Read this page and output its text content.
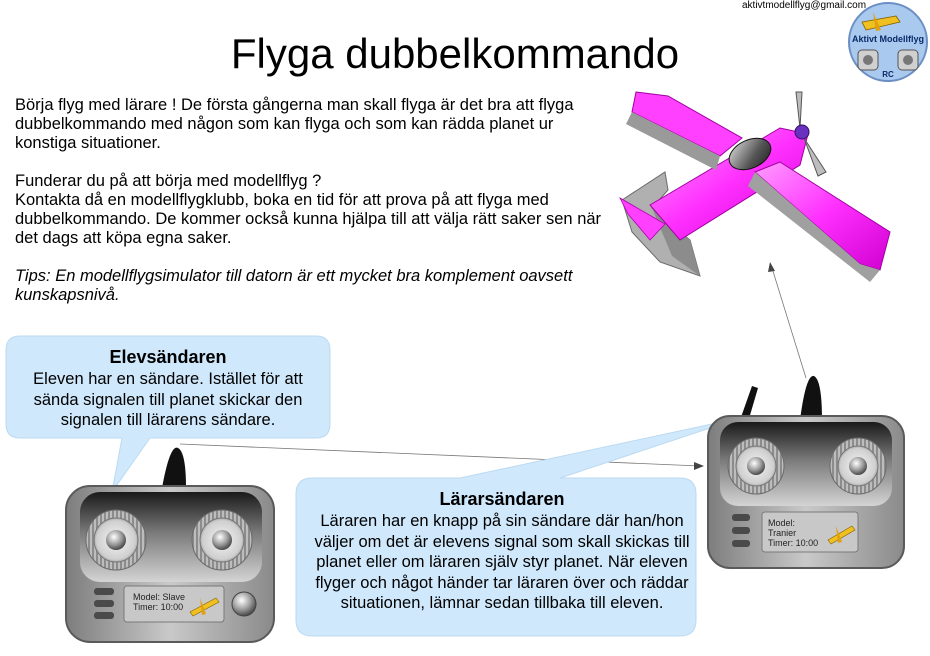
aktivtmodellflyg@gmail.com
Aktivt Modellflyg
RC
Flyga dubbelkommando

Börja flyg med lärare ! De första gångerna man skall flyga är det bra att flyga dubbelkommando med någon som kan flyga och som kan rädda planet ur konstiga situationer.

Funderar du på att börja med modellflyg ?
Kontakta då en modellflygklubb, boka en tid för att prova på att flyga med dubbelkommando. De kommer också kunna hjälpa till att välja rätt saker sen när det dags att köpa egna saker.

Tips: En modellflygsimulator till datorn är ett mycket bra komplement oavsett kunskapsnivå.

Elevsändaren
Eleven har en sändare. Istället för att sända signalen till planet skickar den signalen till lärarens sändare.
Lärarsändaren
Läraren har en knapp på sin sändare där han/hon väljer om det är elevens signal som skall skickas till planet eller om läraren själv styr planet. När eleven flyger och något händer tar läraren över och räddar situationen, lämnar sedan tillbaka till eleven.
Model: Slave
Timer: 10:00
Model:
Tranier
Timer: 10:00
